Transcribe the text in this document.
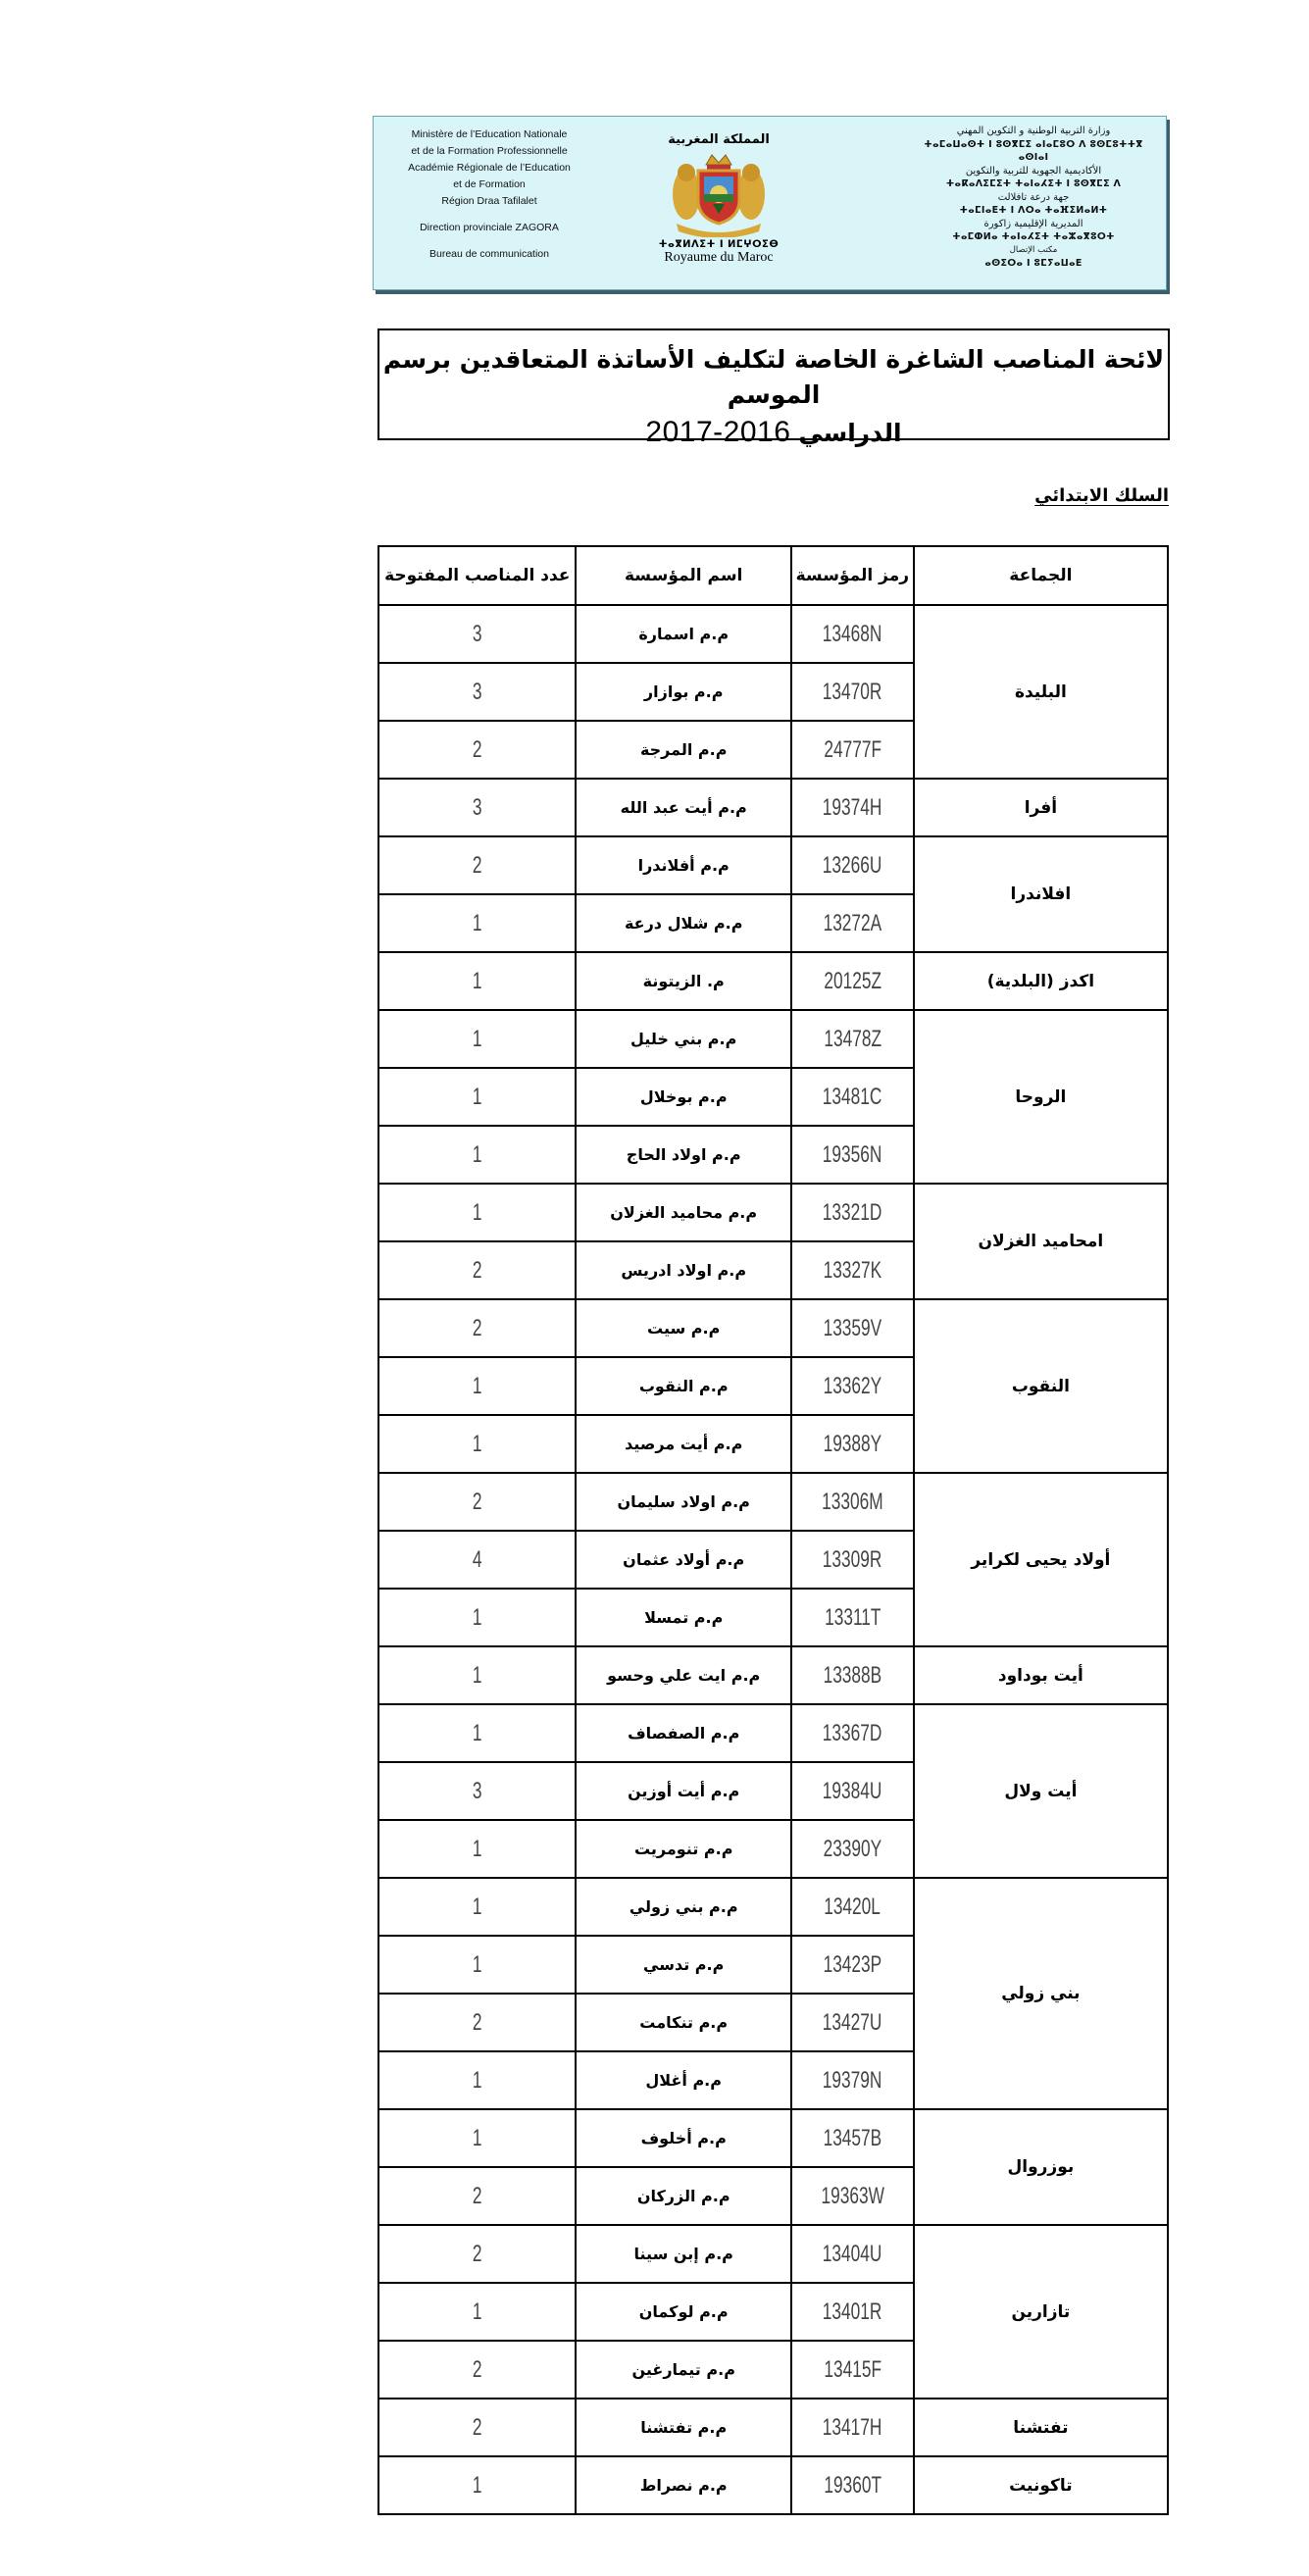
Ministère de l’Education Nationale
et de la Formation Professionnelle
Académie Régionale de l’Education
et de Formation
Région Draa Tafilalet
Direction provinciale ZAGORA
Bureau de communication
المملكة المغربية
ⵜⴰⴳⵍⴷⵉⵜ ⵏ ⵍⵎⵖⵔⵉⴱ
Royaume du Maroc
وزارة التربية الوطنية و التكوين المهني
ⵜⴰⵎⴰⵡⴰⵙⵜ ⵏ ⵓⵙⴳⵎⵉ ⴰⵏⴰⵎⵓⵔ ⴷ ⵓⵙⵎⵓⵜⵜⴳ ⴰⵙⵏⴰⵏ
الأكاديمية الجهوية للتربية والتكوين
ⵜⴰⴽⴰⴷⵉⵎⵉⵜ ⵜⴰⵏⴰⵃⵉⵜ ⵏ ⵓⵙⴳⵎⵉ ⴷ
جهة درعة تافلالت
ⵜⴰⵎⵏⴰⴹⵜ ⵏ ⴷⵔⴰ ⵜⴰⴼⵉⵍⴰⵍⵜ
المديرية الإقليمية زاكورة
ⵜⴰⵎⵀⵍⴰ ⵜⴰⵏⴰⵃⵉⵜ ⵜⴰⵣⴰⴳⵓⵔⵜ
مكتب الإتصال
ⴰⵙⵉⵔⴰ ⵏ ⵓⵎⵢⴰⵡⴰⴹ
لائحة المناصب الشاغرة الخاصة لتكليف الأساتذة المتعاقدين برسم الموسم
الدراسي 2017-2016
السلك الابتدائي
عدد المناصب المفتوحة	اسم المؤسسة	رمز المؤسسة	الجماعة
3	م.م اسمارة	13468N	البليدة
3	م.م بوازار	13470R	
2	م.م المرجة	24777F	
3	م.م أيت عبد الله	19374H	أفرا
2	م.م أفلاندرا	13266U	افلاندرا
1	م.م شلال درعة	13272A	
1	م. الزيتونة	20125Z	اكدز (البلدية)
1	م.م بني خليل	13478Z	الروحا
1	م.م بوخلال	13481C	
1	م.م اولاد الحاج	19356N	
1	م.م محاميد الغزلان	13321D	امحاميد الغزلان
2	م.م اولاد ادريس	13327K	
2	م.م سيت	13359V	النقوب
1	م.م النقوب	13362Y	
1	م.م أيت مرصيد	19388Y	
2	م.م اولاد سليمان	13306M	أولاد يحيى لكراير
4	م.م أولاد عثمان	13309R	
1	م.م تمسلا	13311T	
1	م.م ايت علي وحسو	13388B	أيت بوداود
1	م.م الصفصاف	13367D	أيت ولال
3	م.م أيت أوزين	19384U	
1	م.م تنومريت	23390Y	
1	م.م بني زولي	13420L	بني زولي
1	م.م تدسي	13423P	
2	م.م تنكامت	13427U	
1	م.م أغلال	19379N	
1	م.م أخلوف	13457B	بوزروال
2	م.م الزركان	19363W	
2	م.م إبن سينا	13404U	تازارين
1	م.م لوكمان	13401R	
2	م.م تيمارغين	13415F	
2	م.م تفتشنا	13417H	تفتشنا
1	م.م نصراط	19360T	تاكونيت
